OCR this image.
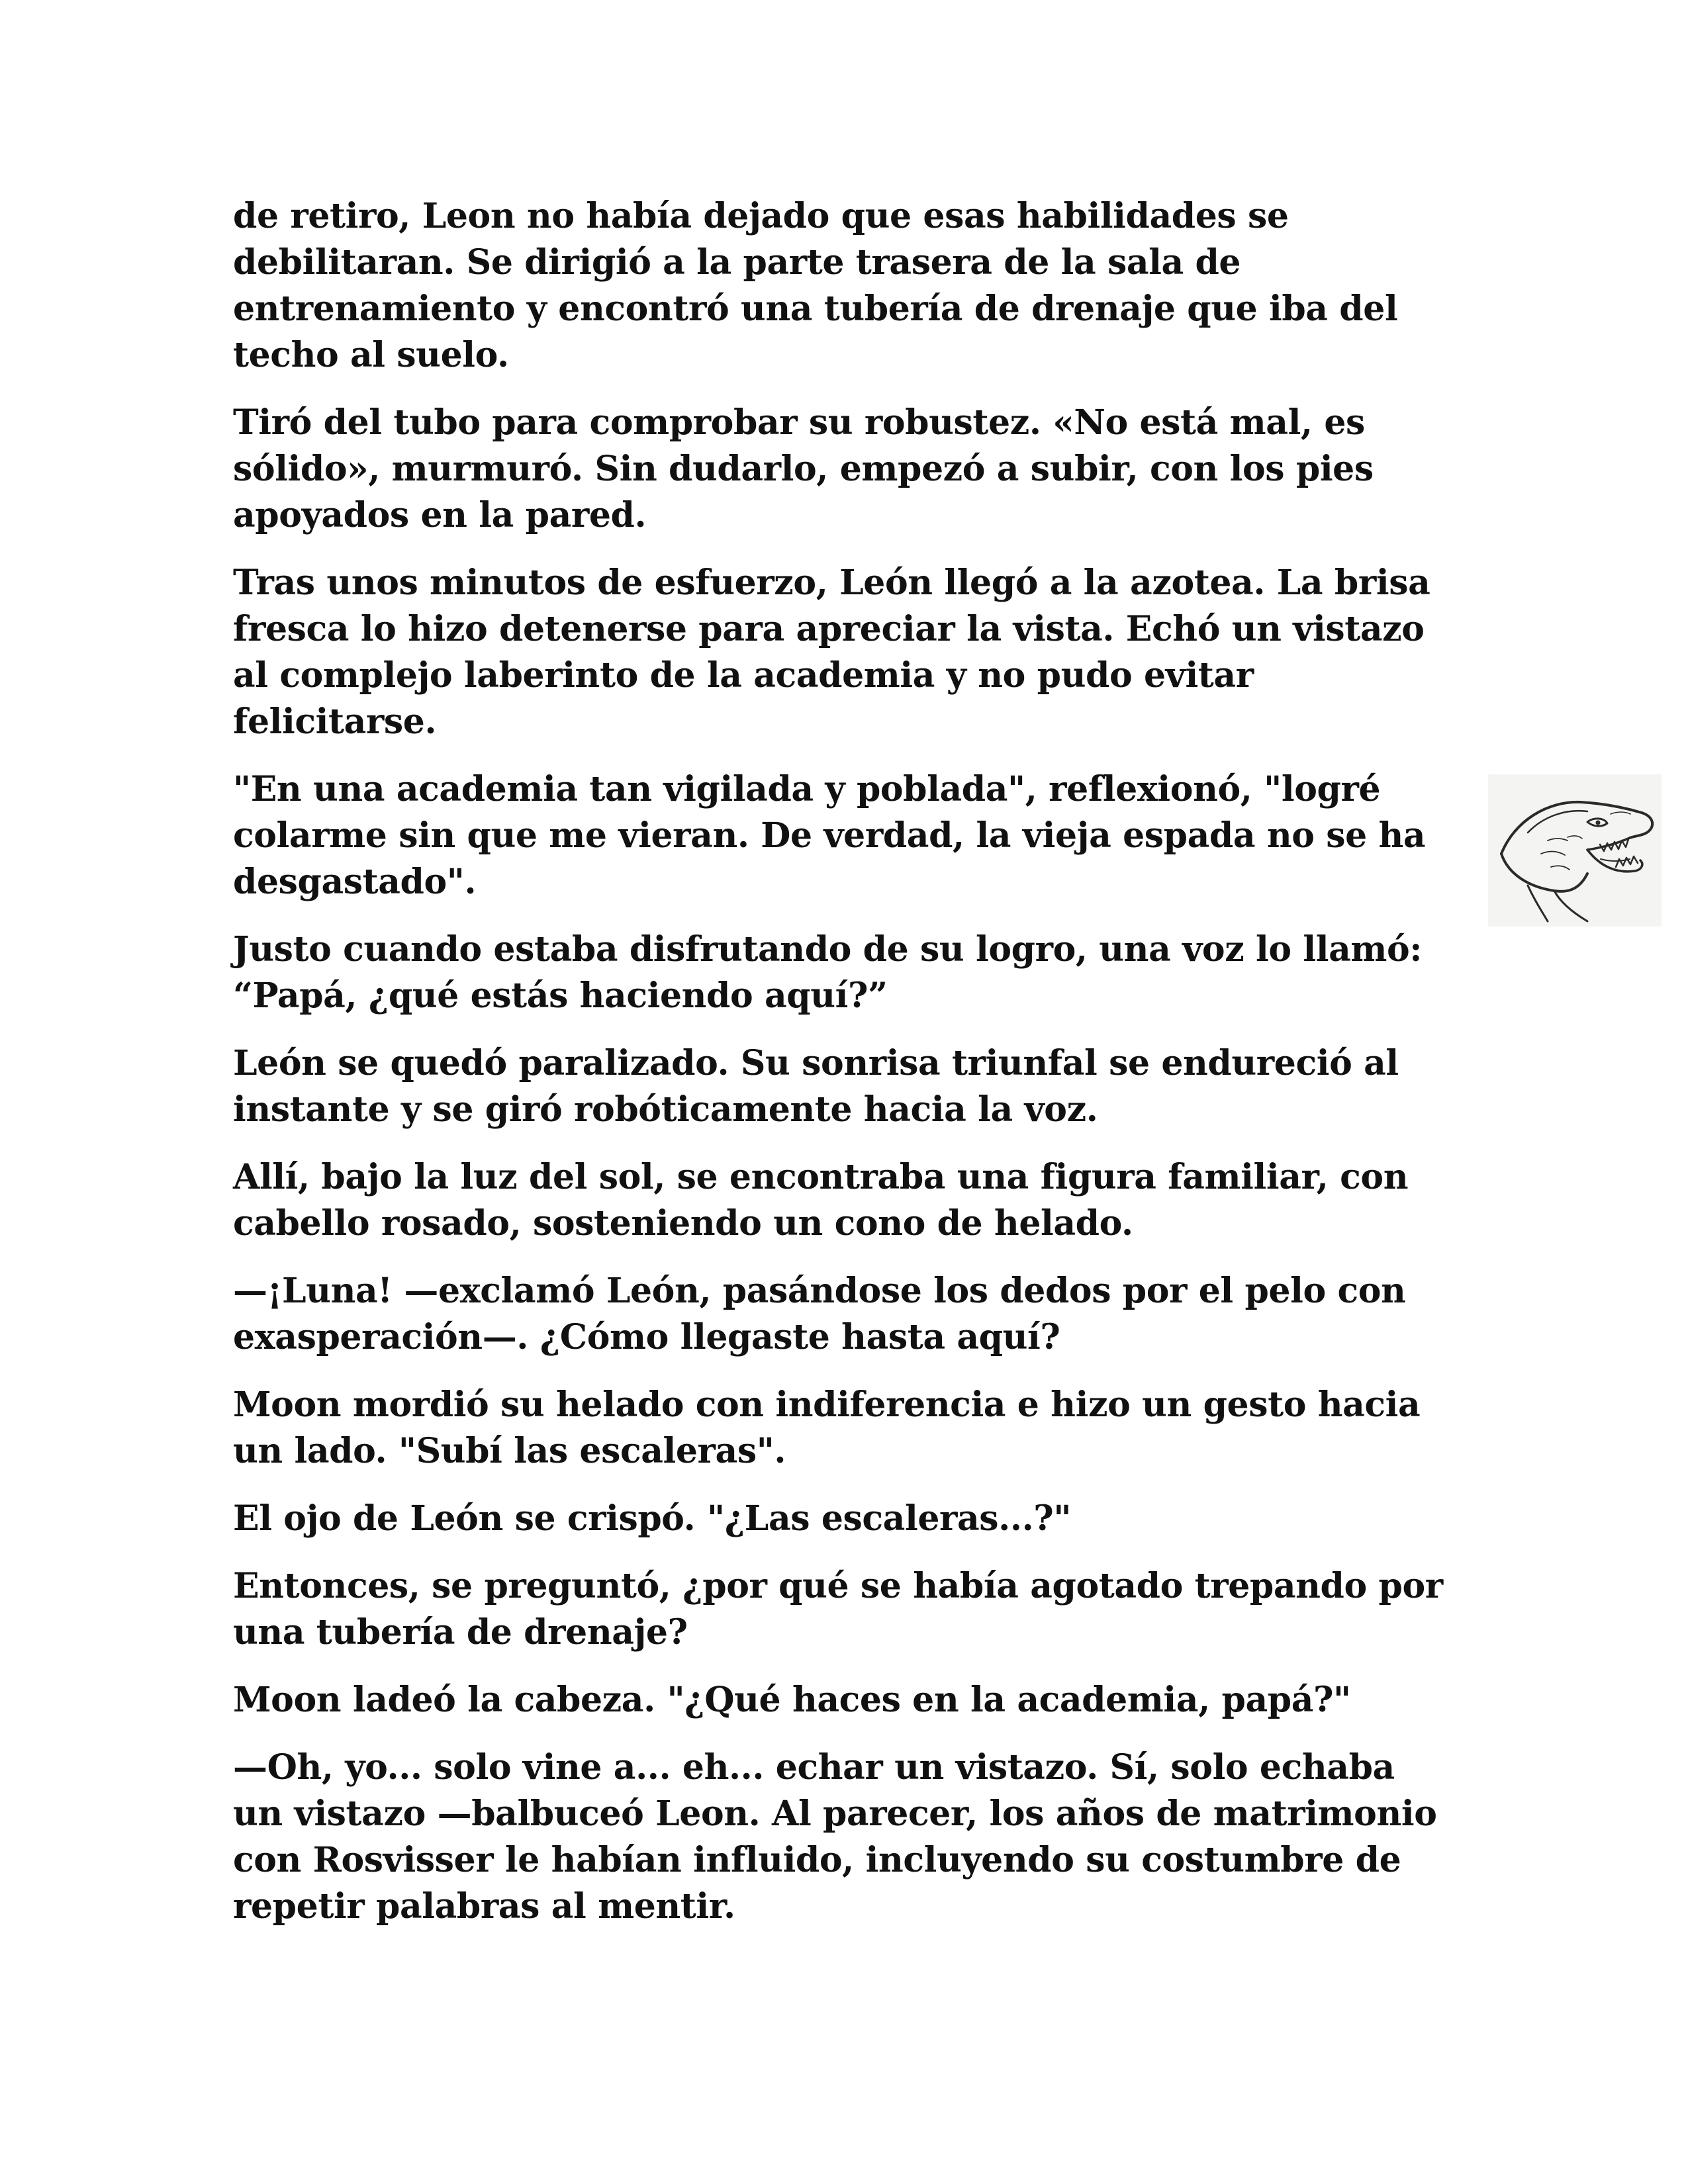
de retiro, Leon no había dejado que esas habilidades se debilitaran. Se dirigió a la parte trasera de la sala de entrenamiento y encontró una tubería de drenaje que iba del techo al suelo.

Tiró del tubo para comprobar su robustez. «No está mal, es sólido», murmuró. Sin dudarlo, empezó a subir, con los pies apoyados en la pared.

Tras unos minutos de esfuerzo, León llegó a la azotea. La brisa fresca lo hizo detenerse para apreciar la vista. Echó un vistazo al complejo laberinto de la academia y no pudo evitar felicitarse.

"En una academia tan vigilada y poblada", reflexionó, "logré colarme sin que me vieran. De verdad, la vieja espada no se ha desgastado".

Justo cuando estaba disfrutando de su logro, una voz lo llamó: “Papá, ¿qué estás haciendo aquí?”

León se quedó paralizado. Su sonrisa triunfal se endureció al instante y se giró robóticamente hacia la voz.

Allí, bajo la luz del sol, se encontraba una figura familiar, con cabello rosado, sosteniendo un cono de helado.

—¡Luna! —exclamó León, pasándose los dedos por el pelo con exasperación—. ¿Cómo llegaste hasta aquí?

Moon mordió su helado con indiferencia e hizo un gesto hacia un lado. "Subí las escaleras".

El ojo de León se crispó. "¿Las escaleras...?"

Entonces, se preguntó, ¿por qué se había agotado trepando por una tubería de drenaje?

Moon ladeó la cabeza. "¿Qué haces en la academia, papá?"

—Oh, yo... solo vine a... eh... echar un vistazo. Sí, solo echaba un vistazo —balbuceó Leon. Al parecer, los años de matrimonio con Rosvisser le habían influido, incluyendo su costumbre de repetir palabras al mentir.
